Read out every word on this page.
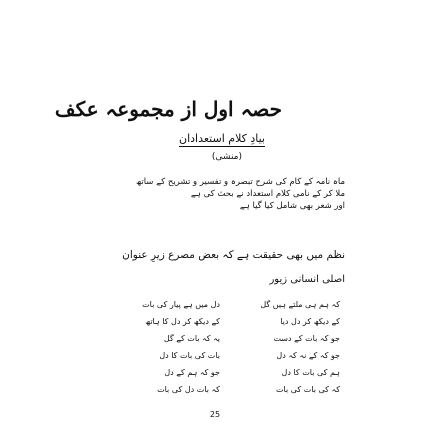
حصہ اول از مجموعہ عکف
بیادِ کلام استعدادان
(منشی)
ماہ نامہ کے کام کی شرح تبصرہ و تفسیر و تشریح کے ساتھ
ملا کر کے نامی کلام استعداد نے بحث کی ہے
اور شعر بھی شامل کیا گیا ہے
نظم میں بھی حقیقت ہے کہ بعض مصرع زیرِ عنوان
اصلی انسانی زیور
کہ ہم ہی ملتے ہیں گل
کے دیکھ کر دل دیا
جو کہ بات کے دست
جو کہ کے نہ کہ دل
ہم کی بات کا دل
کہ کی بات کی بات
دل میں ہے پیار کی بات
کے دیکھ کر دل کا ہاتھ
یہ کہ بات کے گل
بات کی بات کا دل
جو کہ ہم کے دل
کہ بات دل کی بات
25
